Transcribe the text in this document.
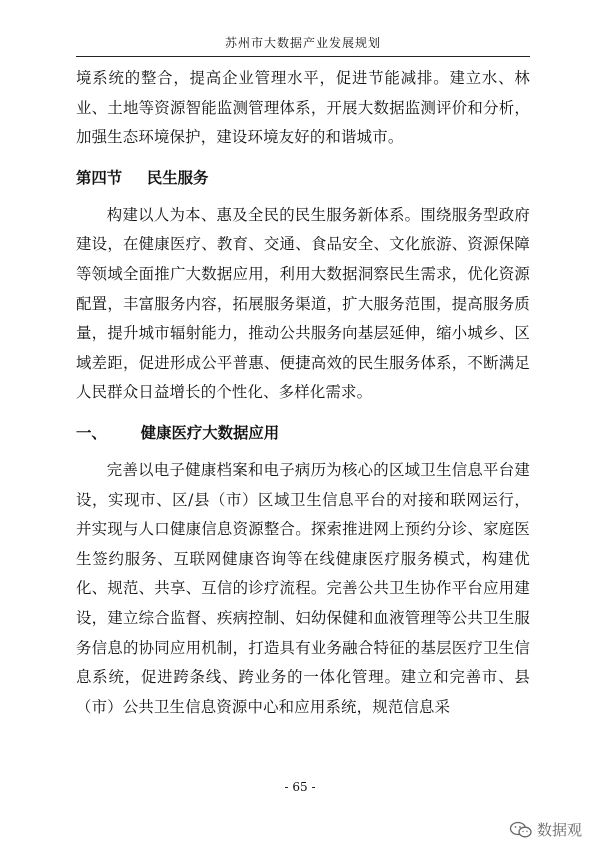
苏州市大数据产业发展规划

境系统的整合，提高企业管理水平，促进节能减排。建立水、林业、土地等资源智能监测管理体系，开展大数据监测评价和分析，加强生态环境保护，建设环境友好的和谐城市。

第四节 民生服务

构建以人为本、惠及全民的民生服务新体系。围绕服务型政府建设，在健康医疗、教育、交通、食品安全、文化旅游、资源保障等领域全面推广大数据应用，利用大数据洞察民生需求，优化资源配置，丰富服务内容，拓展服务渠道，扩大服务范围，提高服务质量，提升城市辐射能力，推动公共服务向基层延伸，缩小城乡、区域差距，促进形成公平普惠、便捷高效的民生服务体系，不断满足人民群众日益增长的个性化、多样化需求。

一、 健康医疗大数据应用

完善以电子健康档案和电子病历为核心的区域卫生信息平台建设，实现市、区/县（市）区域卫生信息平台的对接和联网运行，并实现与人口健康信息资源整合。探索推进网上预约分诊、家庭医生签约服务、互联网健康咨询等在线健康医疗服务模式，构建优化、规范、共享、互信的诊疗流程。完善公共卫生协作平台应用建设，建立综合监督、疾病控制、妇幼保健和血液管理等公共卫生服务信息的协同应用机制，打造具有业务融合特征的基层医疗卫生信息系统，促进跨条线、跨业务的一体化管理。建立和完善市、县（市）公共卫生信息资源中心和应用系统，规范信息采

- 65 -
数据观
